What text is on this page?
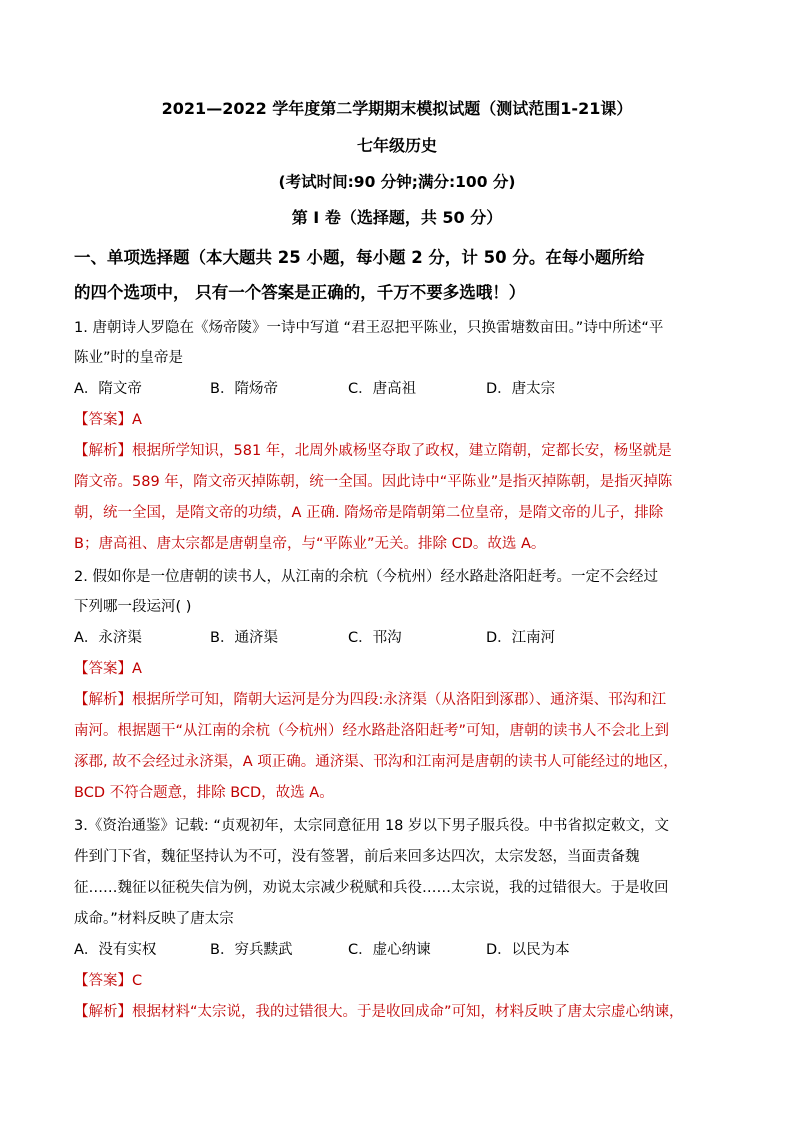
2021—2022 学年度第二学期期末模拟试题（测试范围1-21课）
七年级历史
(考试时间:90 分钟;满分:100 分)
第 I 卷（选择题，共 50 分）
一、单项选择题（本大题共 25 小题，每小题 2 分，计 50 分。在每小题所给
的四个选项中， 只有一个答案是正确的，千万不要多选哦！）
1. 唐朝诗人罗隐在《炀帝陵》一诗中写道 “君王忍把平陈业，只换雷塘数亩田。”诗中所述“平
陈业”时的皇帝是
A．隋文帝	B．隋炀帝	C．唐高祖	D．唐太宗
【答案】A
【解析】根据所学知识，581 年，北周外戚杨坚夺取了政权，建立隋朝，定都长安，杨坚就是
隋文帝。589 年，隋文帝灭掉陈朝，统一全国。因此诗中“平陈业”是指灭掉陈朝，是指灭掉陈
朝，统一全国，是隋文帝的功绩，A 正确. 隋炀帝是隋朝第二位皇帝，是隋文帝的儿子，排除
B；唐高祖、唐太宗都是唐朝皇帝，与“平陈业”无关。排除 CD。故选 A。
2. 假如你是一位唐朝的读书人，从江南的余杭（今杭州）经水路赴洛阳赶考。一定不会经过
下列哪一段运河( )
A．永济渠	B．通济渠	C．邗沟	D．江南河
【答案】A
【解析】根据所学可知，隋朝大运河是分为四段:永济渠（从洛阳到涿郡）、通济渠、邗沟和江
南河。根据题干“从江南的余杭（今杭州）经水路赴洛阳赶考”可知，唐朝的读书人不会北上到
涿郡, 故不会经过永济渠，A 项正确。通济渠、邗沟和江南河是唐朝的读书人可能经过的地区，
BCD 不符合题意，排除 BCD，故选 A。
3.《资治通鉴》记载: “贞观初年，太宗同意征用 18 岁以下男子服兵役。中书省拟定敕文，文
件到门下省，魏征坚持认为不可，没有签署，前后来回多达四次，太宗发怒，当面责备魏
征……魏征以征税失信为例，劝说太宗减少税赋和兵役……太宗说，我的过错很大。于是收回
成命。”材料反映了唐太宗
A．没有实权	B．穷兵黩武	C．虚心纳谏	D．以民为本
【答案】C
【解析】根据材料“太宗说，我的过错很大。于是收回成命”可知，材料反映了唐太宗虚心纳谏，
